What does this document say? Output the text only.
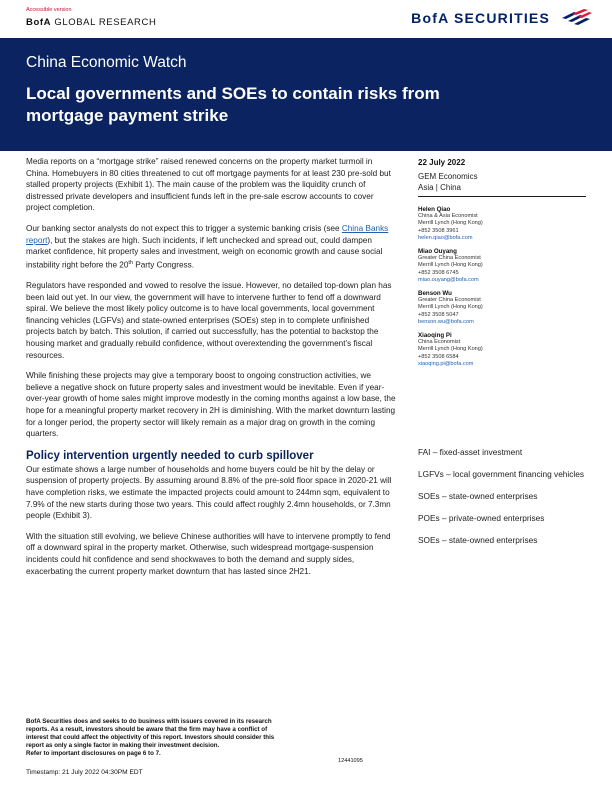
Accessible version
BofA GLOBAL RESEARCH	BofA SECURITIES
China Economic Watch
Local governments and SOEs to contain risks from mortgage payment strike

Media reports on a “mortgage strike” raised renewed concerns on the property market turmoil in China. Homebuyers in 80 cities threatened to cut off mortgage payments for at least 230 pre-sold but stalled property projects (Exhibit 1). The main cause of the problem was the liquidity crunch of distressed private developers and insufficient funds left in the pre-sale escrow accounts to cover project completion.

Our banking sector analysts do not expect this to trigger a systemic banking crisis (see China Banks report), but the stakes are high. Such incidents, if left unchecked and spread out, could dampen market confidence, hit property sales and investment, weigh on economic growth and cause social instability right before the 20th Party Congress.

Regulators have responded and vowed to resolve the issue. However, no detailed top-down plan has been laid out yet. In our view, the government will have to intervene further to fend off a downward spiral. We believe the most likely policy outcome is to have local governments, local government financing vehicles (LGFVs) and state-owned enterprises (SOEs) step in to complete unfinished projects batch by batch. This solution, if carried out successfully, has the potential to backstop the housing market and gradually rebuild confidence, without overextending the government’s fiscal resources.

While finishing these projects may give a temporary boost to ongoing construction activities, we believe a negative shock on future property sales and investment would be inevitable. Even if year-over-year growth of home sales might improve modestly in the coming months against a low base, the hope for a meaningful property market recovery in 2H is diminishing. With the market downturn lasting for a longer period, the property sector will likely remain as a major drag on growth in the coming quarters.

Policy intervention urgently needed to curb spillover

Our estimate shows a large number of households and home buyers could be hit by the delay or suspension of property projects. By assuming around 8.8% of the pre-sold floor space in 2020-21 will have completion risks, we estimate the impacted projects could amount to 244mn sqm, equivalent to 7.9% of the new starts during those two years. This could affect roughly 2.4mn households, or 7.3mn people (Exhibit 3).

With the situation still evolving, we believe Chinese authorities will have to intervene promptly to fend off a downward spiral in the property market. Otherwise, such widespread mortgage-suspension incidents could hit confidence and send shockwaves to both the demand and supply sides, exacerbating the current property market downturn that has lasted since 2H21.

22 July 2022
GEM Economics
Asia | China
Helen Qiao
China & Asia Economist
Merrill Lynch (Hong Kong)
+852 3508 3961
helen.qiao@bofa.com
Miao Ouyang
Greater China Economist
Merrill Lynch (Hong Kong)
+852 3508 6745
miao.ouyang@bofa.com
Benson Wu
Greater China Economist
Merrill Lynch (Hong Kong)
+852 3508 5047
benson.wu@bofa.com
Xiaoqing Pi
China Economist
Merrill Lynch (Hong Kong)
+852 3508 6584
xiaoqing.pi@bofa.com
FAI – fixed-asset investment
LGFVs – local government financing vehicles
SOEs – state-owned enterprises
POEs – private-owned enterprises
SOEs – state-owned enterprises
BofA Securities does and seeks to do business with issuers covered in its research
reports. As a result, investors should be aware that the firm may have a conflict of
interest that could affect the objectivity of this report. Investors should consider this
report as only a single factor in making their investment decision.
Refer to important disclosures on page 6 to 7.
12441095
Timestamp: 21 July 2022 04:30PM EDT
